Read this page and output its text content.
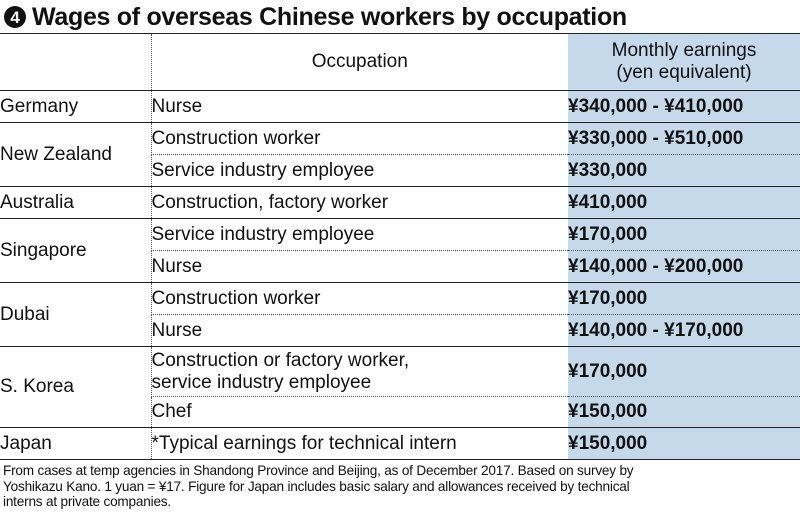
4 Wages of overseas Chinese workers by occupation
	Occupation	Monthly earnings
(yen equivalent)

Germany	Nurse	¥340,000 - ¥410,000
New Zealand	Construction worker	¥330,000 - ¥510,000
	Service industry employee	¥330,000
Australia	Construction, factory worker	¥410,000
Singapore	Service industry employee	¥170,000
	Nurse	¥140,000 - ¥200,000
Dubai	Construction worker	¥170,000
	Nurse	¥140,000 - ¥170,000
S. Korea	Construction or factory worker,
service industry employee	¥170,000
	Chef	¥150,000
Japan	*Typical earnings for technical intern	¥150,000
From cases at temp agencies in Shandong Province and Beijing, as of December 2017. Based on survey by
Yoshikazu Kano. 1 yuan = ¥17. Figure for Japan includes basic salary and allowances received by technical
interns at private companies.
